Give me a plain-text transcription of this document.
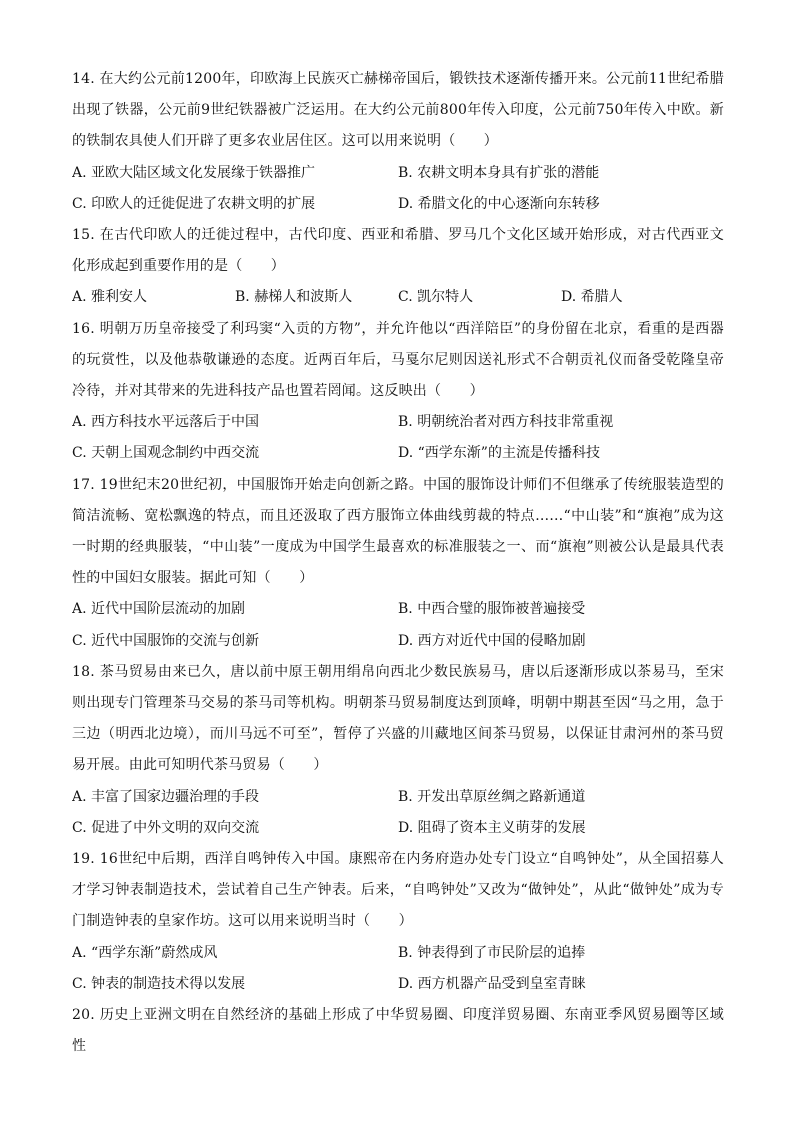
14. 在大约公元前1200年，印欧海上民族灭亡赫梯帝国后，锻铁技术逐渐传播开来。公元前11世纪希腊出现了铁器，公元前9世纪铁器被广泛运用。在大约公元前800年传入印度，公元前750年传入中欧。新的铁制农具使人们开辟了更多农业居住区。这可以用来说明（　　）

A. 亚欧大陆区域文化发展缘于铁器推广	B. 农耕文明本身具有扩张的潜能
C. 印欧人的迁徙促进了农耕文明的扩展	D. 希腊文化的中心逐渐向东转移

15. 在古代印欧人的迁徙过程中，古代印度、西亚和希腊、罗马几个文化区域开始形成，对古代西亚文化形成起到重要作用的是（　　）

A. 雅利安人	B. 赫梯人和波斯人	C. 凯尔特人	D. 希腊人

16. 明朝万历皇帝接受了利玛窦“入贡的方物”，并允许他以“西洋陪臣”的身份留在北京，看重的是西器的玩赏性，以及他恭敬谦逊的态度。近两百年后，马戛尔尼则因送礼形式不合朝贡礼仪而备受乾隆皇帝冷待，并对其带来的先进科技产品也置若罔闻。这反映出（　　）

A. 西方科技水平远落后于中国	B. 明朝统治者对西方科技非常重视
C. 天朝上国观念制约中西交流	D. “西学东渐”的主流是传播科技

17. 19世纪末20世纪初，中国服饰开始走向创新之路。中国的服饰设计师们不但继承了传统服装造型的简洁流畅、宽松飘逸的特点，而且还汲取了西方服饰立体曲线剪裁的特点……“中山装”和“旗袍”成为这一时期的经典服装，“中山装”一度成为中国学生最喜欢的标准服装之一、而“旗袍”则被公认是最具代表性的中国妇女服装。据此可知（　　）

A. 近代中国阶层流动的加剧	B. 中西合璧的服饰被普遍接受
C. 近代中国服饰的交流与创新	D. 西方对近代中国的侵略加剧

18. 茶马贸易由来已久，唐以前中原王朝用绢帛向西北少数民族易马，唐以后逐渐形成以茶易马，至宋则出现专门管理茶马交易的茶马司等机构。明朝茶马贸易制度达到顶峰，明朝中期甚至因“马之用，急于三边（明西北边境），而川马远不可至”，暂停了兴盛的川藏地区间茶马贸易，以保证甘肃河州的茶马贸易开展。由此可知明代茶马贸易（　　）

A. 丰富了国家边疆治理的手段	B. 开发出草原丝绸之路新通道
C. 促进了中外文明的双向交流	D. 阻碍了资本主义萌芽的发展

19. 16世纪中后期，西洋自鸣钟传入中国。康熙帝在内务府造办处专门设立“自鸣钟处”，从全国招募人才学习钟表制造技术，尝试着自己生产钟表。后来，“自鸣钟处”又改为“做钟处”，从此“做钟处”成为专门制造钟表的皇家作坊。这可以用来说明当时（　　）

A. “西学东渐”蔚然成风	B. 钟表得到了市民阶层的追捧
C. 钟表的制造技术得以发展	D. 西方机器产品受到皇室青睐

20. 历史上亚洲文明在自然经济的基础上形成了中华贸易圈、印度洋贸易圈、东南亚季风贸易圈等区域性
